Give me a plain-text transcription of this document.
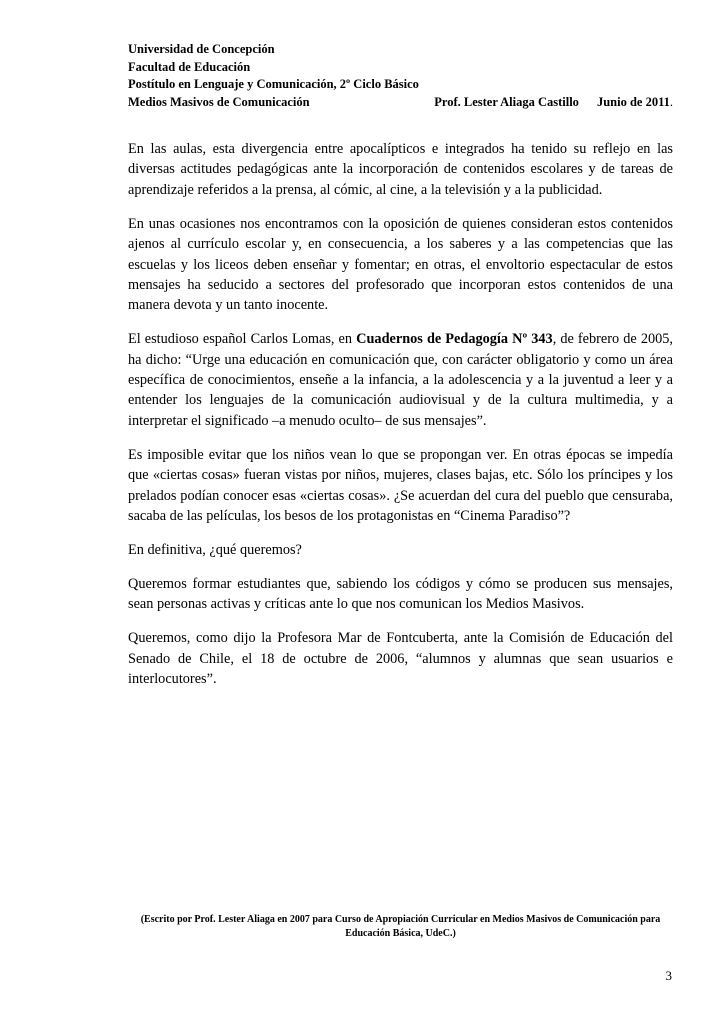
Universidad de Concepción
Facultad de Educación
Postítulo en Lenguaje y Comunicación, 2º Ciclo Básico
Medios Masivos de Comunicación	Prof. Lester Aliaga Castillo Junio de 2011.

En las aulas, esta divergencia entre apocalípticos e integrados ha tenido su reflejo en las diversas actitudes pedagógicas ante la incorporación de contenidos escolares y de tareas de aprendizaje referidos a la prensa, al cómic, al cine, a la televisión y a la publicidad.

En unas ocasiones nos encontramos con la oposición de quienes consideran estos contenidos ajenos al currículo escolar y, en consecuencia, a los saberes y a las competencias que las escuelas y los liceos deben enseñar y fomentar; en otras, el envoltorio espectacular de estos mensajes ha seducido a sectores del profesorado que incorporan estos contenidos de una manera devota y un tanto inocente.

El estudioso español Carlos Lomas, en Cuadernos de Pedagogía Nº 343, de febrero de 2005, ha dicho: “Urge una educación en comunicación que, con carácter obligatorio y como un área específica de conocimientos, enseñe a la infancia, a la adolescencia y a la juventud a leer y a entender los lenguajes de la comunicación audiovisual y de la cultura multimedia, y a interpretar el significado –a menudo oculto– de sus mensajes”.

Es imposible evitar que los niños vean lo que se propongan ver. En otras épocas se impedía que «ciertas cosas» fueran vistas por niños, mujeres, clases bajas, etc. Sólo los príncipes y los prelados podían conocer esas «ciertas cosas». ¿Se acuerdan del cura del pueblo que censuraba, sacaba de las películas, los besos de los protagonistas en “Cinema Paradiso”?

En definitiva, ¿qué queremos?

Queremos formar estudiantes que, sabiendo los códigos y cómo se producen sus mensajes, sean personas activas y críticas ante lo que nos comunican los Medios Masivos.

Queremos, como dijo la Profesora Mar de Fontcuberta, ante la Comisión de Educación del Senado de Chile, el 18 de octubre de 2006, “alumnos y alumnas que sean usuarios e interlocutores”.

(Escrito por Prof. Lester Aliaga en 2007 para Curso de Apropiación Curricular en Medios Masivos de Comunicación para
Educación Básica, UdeC.)
3
